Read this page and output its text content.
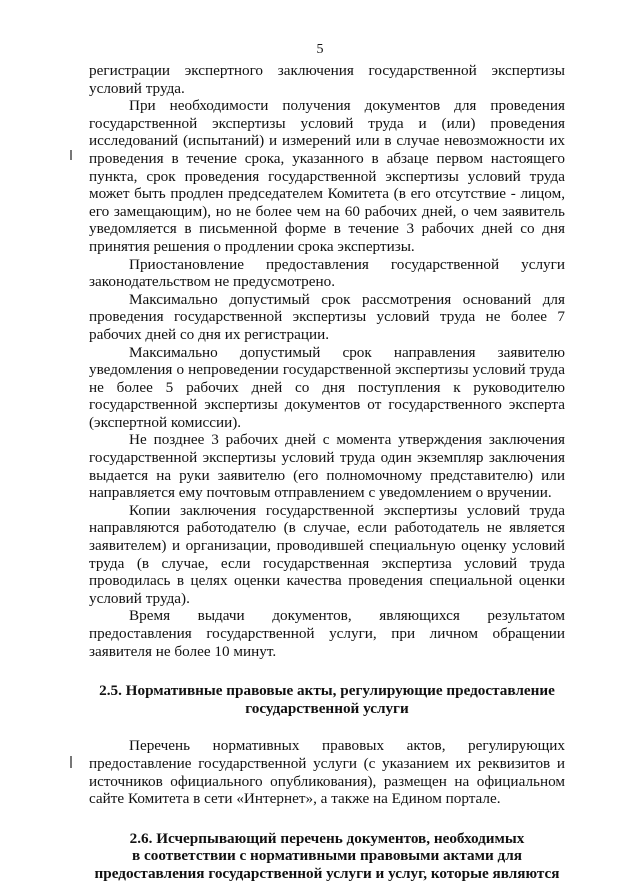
5

регистрации экспертного заключения государственной экспертизы условий труда.

При необходимости получения документов для проведения государственной экспертизы условий труда и (или) проведения исследований (испытаний) и измерений или в случае невозможности их проведения в течение срока, указанного в абзаце первом настоящего пункта, срок проведения государственной экспертизы условий труда может быть продлен председателем Комитета (в его отсутствие - лицом, его замещающим), но не более чем на 60 рабочих дней, о чем заявитель уведомляется в письменной форме в течение 3 рабочих дней со дня принятия решения о продлении срока экспертизы.

Приостановление предоставления государственной услуги законодательством не предусмотрено.

Максимально допустимый срок рассмотрения оснований для проведения государственной экспертизы условий труда не более 7 рабочих дней со дня их регистрации.

Максимально допустимый срок направления заявителю уведомления о непроведении государственной экспертизы условий труда не более 5 рабочих дней со дня поступления к руководителю государственной экспертизы документов от государственного эксперта (экспертной комиссии).

Не позднее 3 рабочих дней с момента утверждения заключения государственной экспертизы условий труда один экземпляр заключения выдается на руки заявителю (его полномочному представителю) или направляется ему почтовым отправлением с уведомлением о вручении.

Копии заключения государственной экспертизы условий труда направляются работодателю (в случае, если работодатель не является заявителем) и организации, проводившей специальную оценку условий труда (в случае, если государственная экспертиза условий труда проводилась в целях оценки качества проведения специальной оценки условий труда).

Время выдачи документов, являющихся результатом предоставления государственной услуги, при личном обращении заявителя не более 10 минут.

2.5. Нормативные правовые акты, регулирующие предоставление
государственной услуги

Перечень нормативных правовых актов, регулирующих предоставление государственной услуги (с указанием их реквизитов и источников официального опубликования), размещен на официальном сайте Комитета в сети «Интернет», а также на Едином портале.

2.6. Исчерпывающий перечень документов, необходимых
в соответствии с нормативными правовыми актами для
предоставления государственной услуги и услуг, которые являются
